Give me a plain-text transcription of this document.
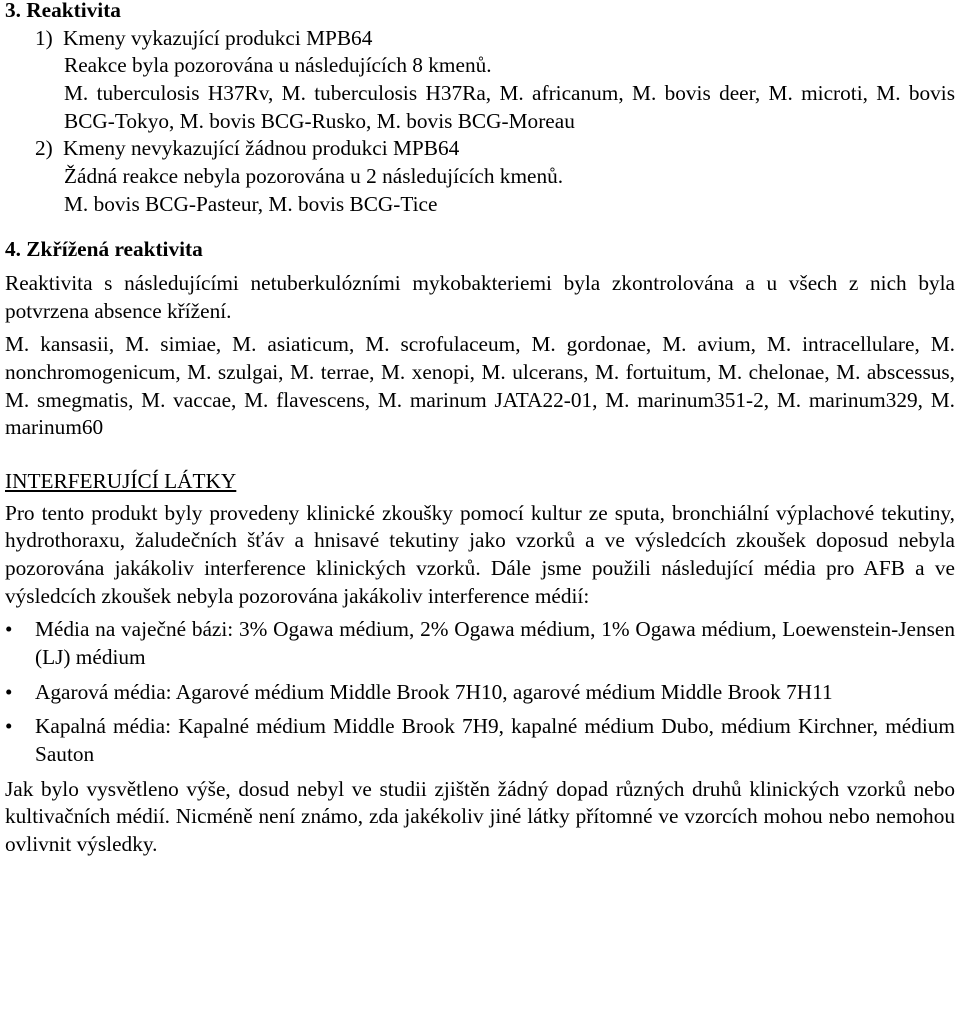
3. Reaktivita

1) Kmeny vykazující produkci MPB64

Reakce byla pozorována u následujících 8 kmenů.

M. tuberculosis H37Rv, M. tuberculosis H37Ra, M. africanum, M. bovis deer, M. microti, M. bovis BCG-Tokyo, M. bovis BCG-Rusko, M. bovis BCG-Moreau

2) Kmeny nevykazující žádnou produkci MPB64

Žádná reakce nebyla pozorována u 2 následujících kmenů.

M. bovis BCG-Pasteur, M. bovis BCG-Tice

4. Zkřížená reaktivita

Reaktivita s následujícími netuberkulózními mykobakteriemi byla zkontrolována a u všech z nich byla potvrzena absence křížení.

M. kansasii, M. simiae, M. asiaticum, M. scrofulaceum, M. gordonae, M. avium, M. intracellulare, M. nonchromogenicum, M. szulgai, M. terrae, M. xenopi, M. ulcerans, M. fortuitum, M. chelonae, M. abscessus, M. smegmatis, M. vaccae, M. flavescens, M. marinum JATA22-01, M. marinum351-2, M. marinum329, M. marinum60

INTERFERUJÍCÍ LÁTKY

Pro tento produkt byly provedeny klinické zkoušky pomocí kultur ze sputa, bronchiální výplachové tekutiny, hydrothoraxu, žaludečních šťáv a hnisavé tekutiny jako vzorků a ve výsledcích zkoušek doposud nebyla pozorována jakákoliv interference klinických vzorků. Dále jsme použili následující média pro AFB a ve výsledcích zkoušek nebyla pozorována jakákoliv interference médií:

• Média na vaječné bázi: 3% Ogawa médium, 2% Ogawa médium, 1% Ogawa médium, Loewenstein-Jensen (LJ) médium
• Agarová média: Agarové médium Middle Brook 7H10, agarové médium Middle Brook 7H11
• Kapalná média: Kapalné médium Middle Brook 7H9, kapalné médium Dubo, médium Kirchner, médium Sauton

Jak bylo vysvětleno výše, dosud nebyl ve studii zjištěn žádný dopad různých druhů klinických vzorků nebo kultivačních médií. Nicméně není známo, zda jakékoliv jiné látky přítomné ve vzorcích mohou nebo nemohou ovlivnit výsledky.
